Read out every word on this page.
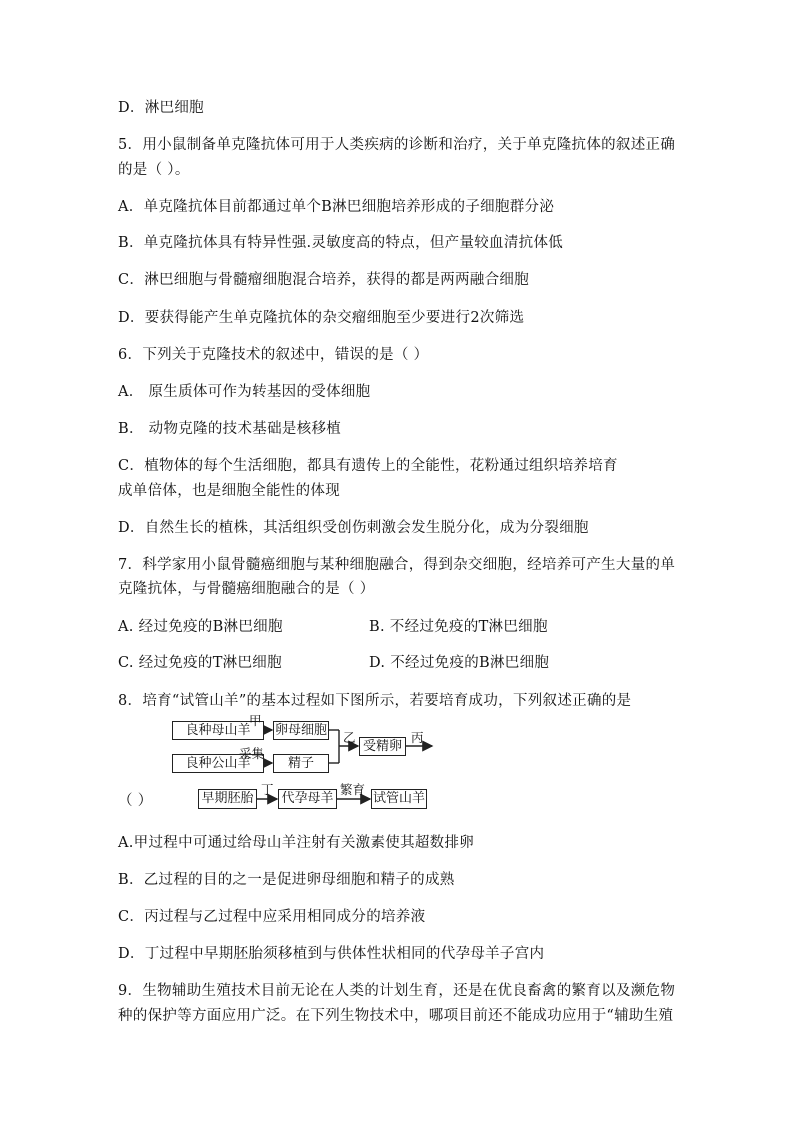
D．淋巴细胞
5．用小鼠制备单克隆抗体可用于人类疾病的诊断和治疗，关于单克隆抗体的叙述正确
的是（ ）。
A．单克隆抗体目前都通过单个B淋巴细胞培养形成的子细胞群分泌
B．单克隆抗体具有特异性强.灵敏度高的特点，但产量较血清抗体低
C．淋巴细胞与骨髓瘤细胞混合培养，获得的都是两两融合细胞
D．要获得能产生单克隆抗体的杂交瘤细胞至少要进行2次筛选
6．下列关于克隆技术的叙述中，错误的是（ ）
A． 原生质体可作为转基因的受体细胞
B． 动物克隆的技术基础是核移植
C．植物体的每个生活细胞，都具有遗传上的全能性，花粉通过组织培养培育
成单倍体，也是细胞全能性的体现
D．自然生长的植株，其活组织受创伤刺激会发生脱分化，成为分裂细胞
7．科学家用小鼠骨髓癌细胞与某种细胞融合，得到杂交细胞，经培养可产生大量的单
克隆抗体，与骨髓癌细胞融合的是（ ）
A. 经过免疫的B淋巴细胞	B. 不经过免疫的T淋巴细胞
C. 经过免疫的T淋巴细胞	D. 不经过免疫的B淋巴细胞
8．培育“试管山羊”的基本过程如下图所示，若要培育成功，下列叙述正确的是
良种母山羊	卵母细胞
良种公山羊	精子
受精卵
甲
采集
乙	丙
（ ）	早期胚胎 代孕母羊	试管山羊
丁	繁育
A.甲过程中可通过给母山羊注射有关激素使其超数排卵
B．乙过程的目的之一是促进卵母细胞和精子的成熟
C．丙过程与乙过程中应采用相同成分的培养液
D．丁过程中早期胚胎须移植到与供体性状相同的代孕母羊子宫内
9．生物辅助生殖技术目前无论在人类的计划生育，还是在优良畜禽的繁育以及濒危物
种的保护等方面应用广泛。在下列生物技术中，哪项目前还不能成功应用于“辅助生殖
